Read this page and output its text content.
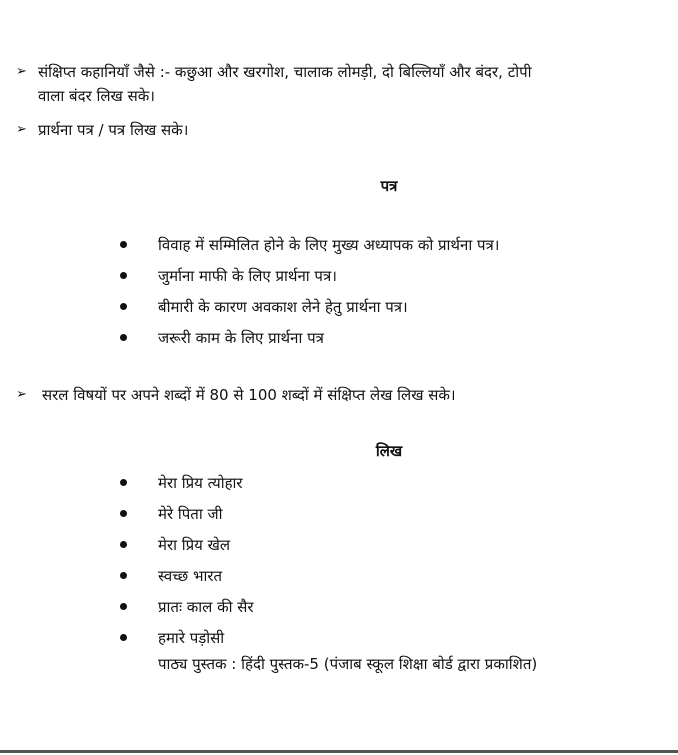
➢ संक्षिप्त कहानियाँ जैसे :- कछुआ और खरगोश, चालाक लोमड़ी, दो बिल्लियाँ और बंदर, टोपी
वाला बंदर लिख सके।
➢ प्रार्थना पत्र / पत्र लिख सके।
पत्र
विवाह में सम्मिलित होने के लिए मुख्य अध्यापक को प्रार्थना पत्र।
जुर्माना माफी के लिए प्रार्थना पत्र।
बीमारी के कारण अवकाश लेने हेतु प्रार्थना पत्र।
जरूरी काम के लिए प्रार्थना पत्र
➢ सरल विषयों पर अपने शब्दों में 80 से 100 शब्दों में संक्षिप्त लेख लिख सके।
लिख
मेरा प्रिय त्योहार
मेरे पिता जी
मेरा प्रिय खेल
स्वच्छ भारत
प्रातः काल की सैर
हमारे पड़ोसी
पाठ्य पुस्तक : हिंदी पुस्तक-5 (पंजाब स्कूल शिक्षा बोर्ड द्वारा प्रकाशित)
